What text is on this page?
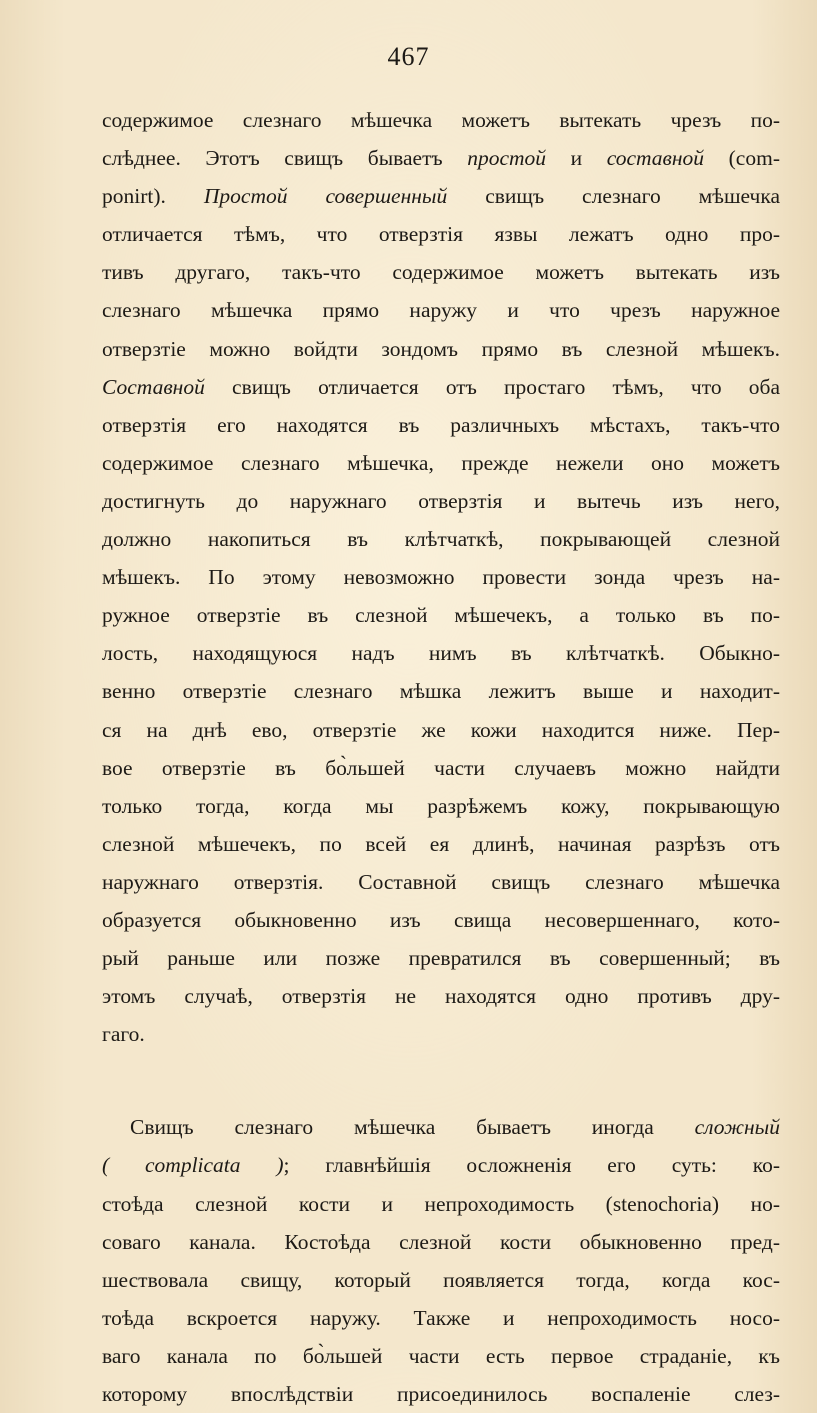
467
содержимое слезнаго мѣшечка можетъ вытекать чрезъ по-
слѣднее. Этотъ свищъ бываетъ простой и составной (com-
ponirt). Простой совершенный свищъ слезнаго мѣшечка
отличается тѣмъ, что отверзтія язвы лежатъ одно про-
тивъ другаго, такъ-что содержимое можетъ вытекать изъ
слезнаго мѣшечка прямо наружу и что чрезъ наружное
отверзтіе можно войдти зондомъ прямо въ слезной мѣшекъ.
Составной свищъ отличается отъ простаго тѣмъ, что оба
отверзтія его находятся въ различныхъ мѣстахъ, такъ-что
содержимое слезнаго мѣшечка, прежде нежели оно можетъ
достигнуть до наружнаго отверзтія и вытечь изъ него,
должно накопиться въ клѣтчаткѣ, покрывающей слезной
мѣшекъ. По этому невозможно провести зонда чрезъ на-
ружное отверзтіе въ слезной мѣшечекъ, а только въ по-
лость, находящуюся надъ нимъ въ клѣтчаткѣ. Обыкно-
венно отверзтіе слезнаго мѣшка лежитъ выше и находит-
ся на днѣ ево, отверзтіе же кожи находится ниже. Пер-
вое отверзтіе въ бо̀льшей части случаевъ можно найдти
только тогда, когда мы разрѣжемъ кожу, покрывающую
слезной мѣшечекъ, по всей ея длинѣ, начиная разрѣзъ отъ
наружнаго отверзтія. Составной свищъ слезнаго мѣшечка
образуется обыкновенно изъ свища несовершеннаго, кото-
рый раньше или позже превратился въ совершенный; въ
этомъ случаѣ, отверзтія не находятся одно противъ дру-
гаго.
Свищъ слезнаго мѣшечка бываетъ иногда сложный
( complicata ); главнѣйшія осложненія его суть: ко-
стоѣда слезной кости и непроходимость (stenochoria) но-
соваго канала. Костоѣда слезной кости обыкновенно пред-
шествовала свищу, который появляется тогда, когда кос-
тоѣда вскроется наружу. Также и непроходимость носо-
ваго канала по бо̀льшей части есть первое страданіе, къ
которому впослѣдствіи присоединилось воспаленіе слез-
